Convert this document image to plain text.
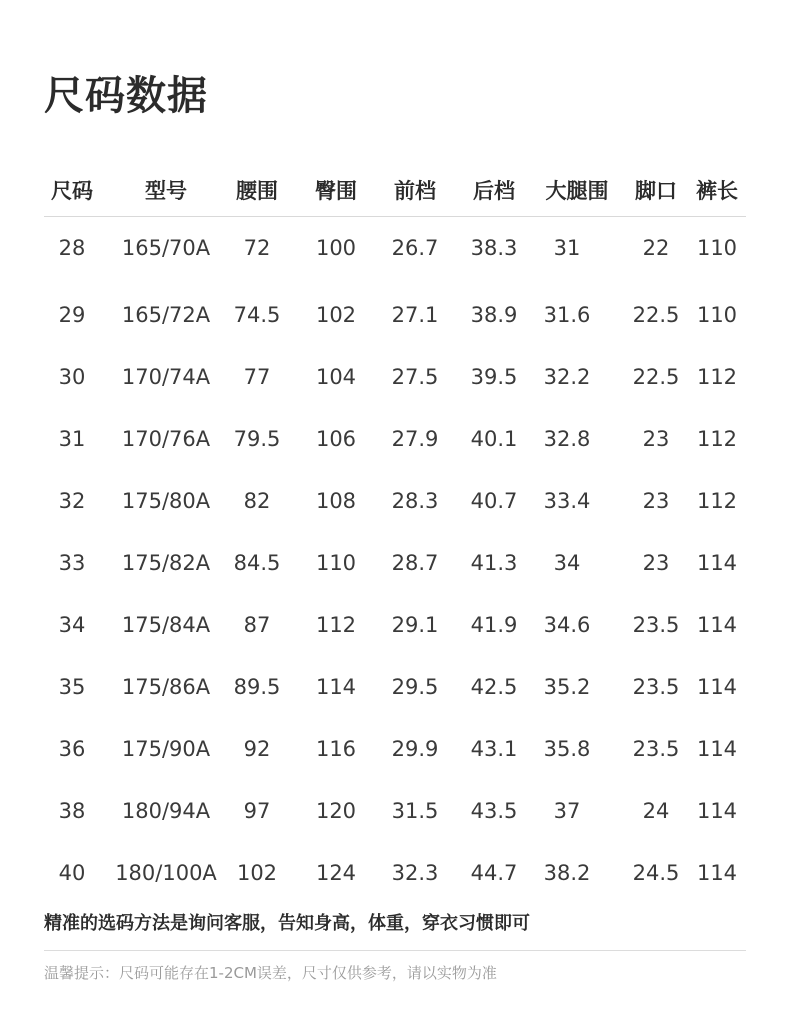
尺码数据
尺码	型号	腰围	臀围	前档	后档	大腿围	脚口 裤长
28	165/70A	72	100	26.7	38.3	31	22	110
29	165/72A	74.5	102	27.1	38.9	31.6	22.5 110
30	170/74A	77	104	27.5	39.5	32.2	22.5 112
31	170/76A	79.5	106	27.9	40.1	32.8	23	112
32	175/80A	82	108	28.3	40.7	33.4	23	112
33	175/82A	84.5	110	28.7	41.3	34	23	114
34	175/84A	87	112	29.1	41.9	34.6	23.5 114
35	175/86A	89.5	114	29.5	42.5	35.2	23.5 114
36	175/90A	92	116	29.9	43.1	35.8	23.5 114
38	180/94A	97	120	31.5	43.5	37	24	114
40	180/100A 102	124	32.3	44.7	38.2	24.5 114
精准的选码方法是询问客服，告知身高，体重，穿衣习惯即可
温馨提示：尺码可能存在1-2CM误差，尺寸仅供参考，请以实物为准
